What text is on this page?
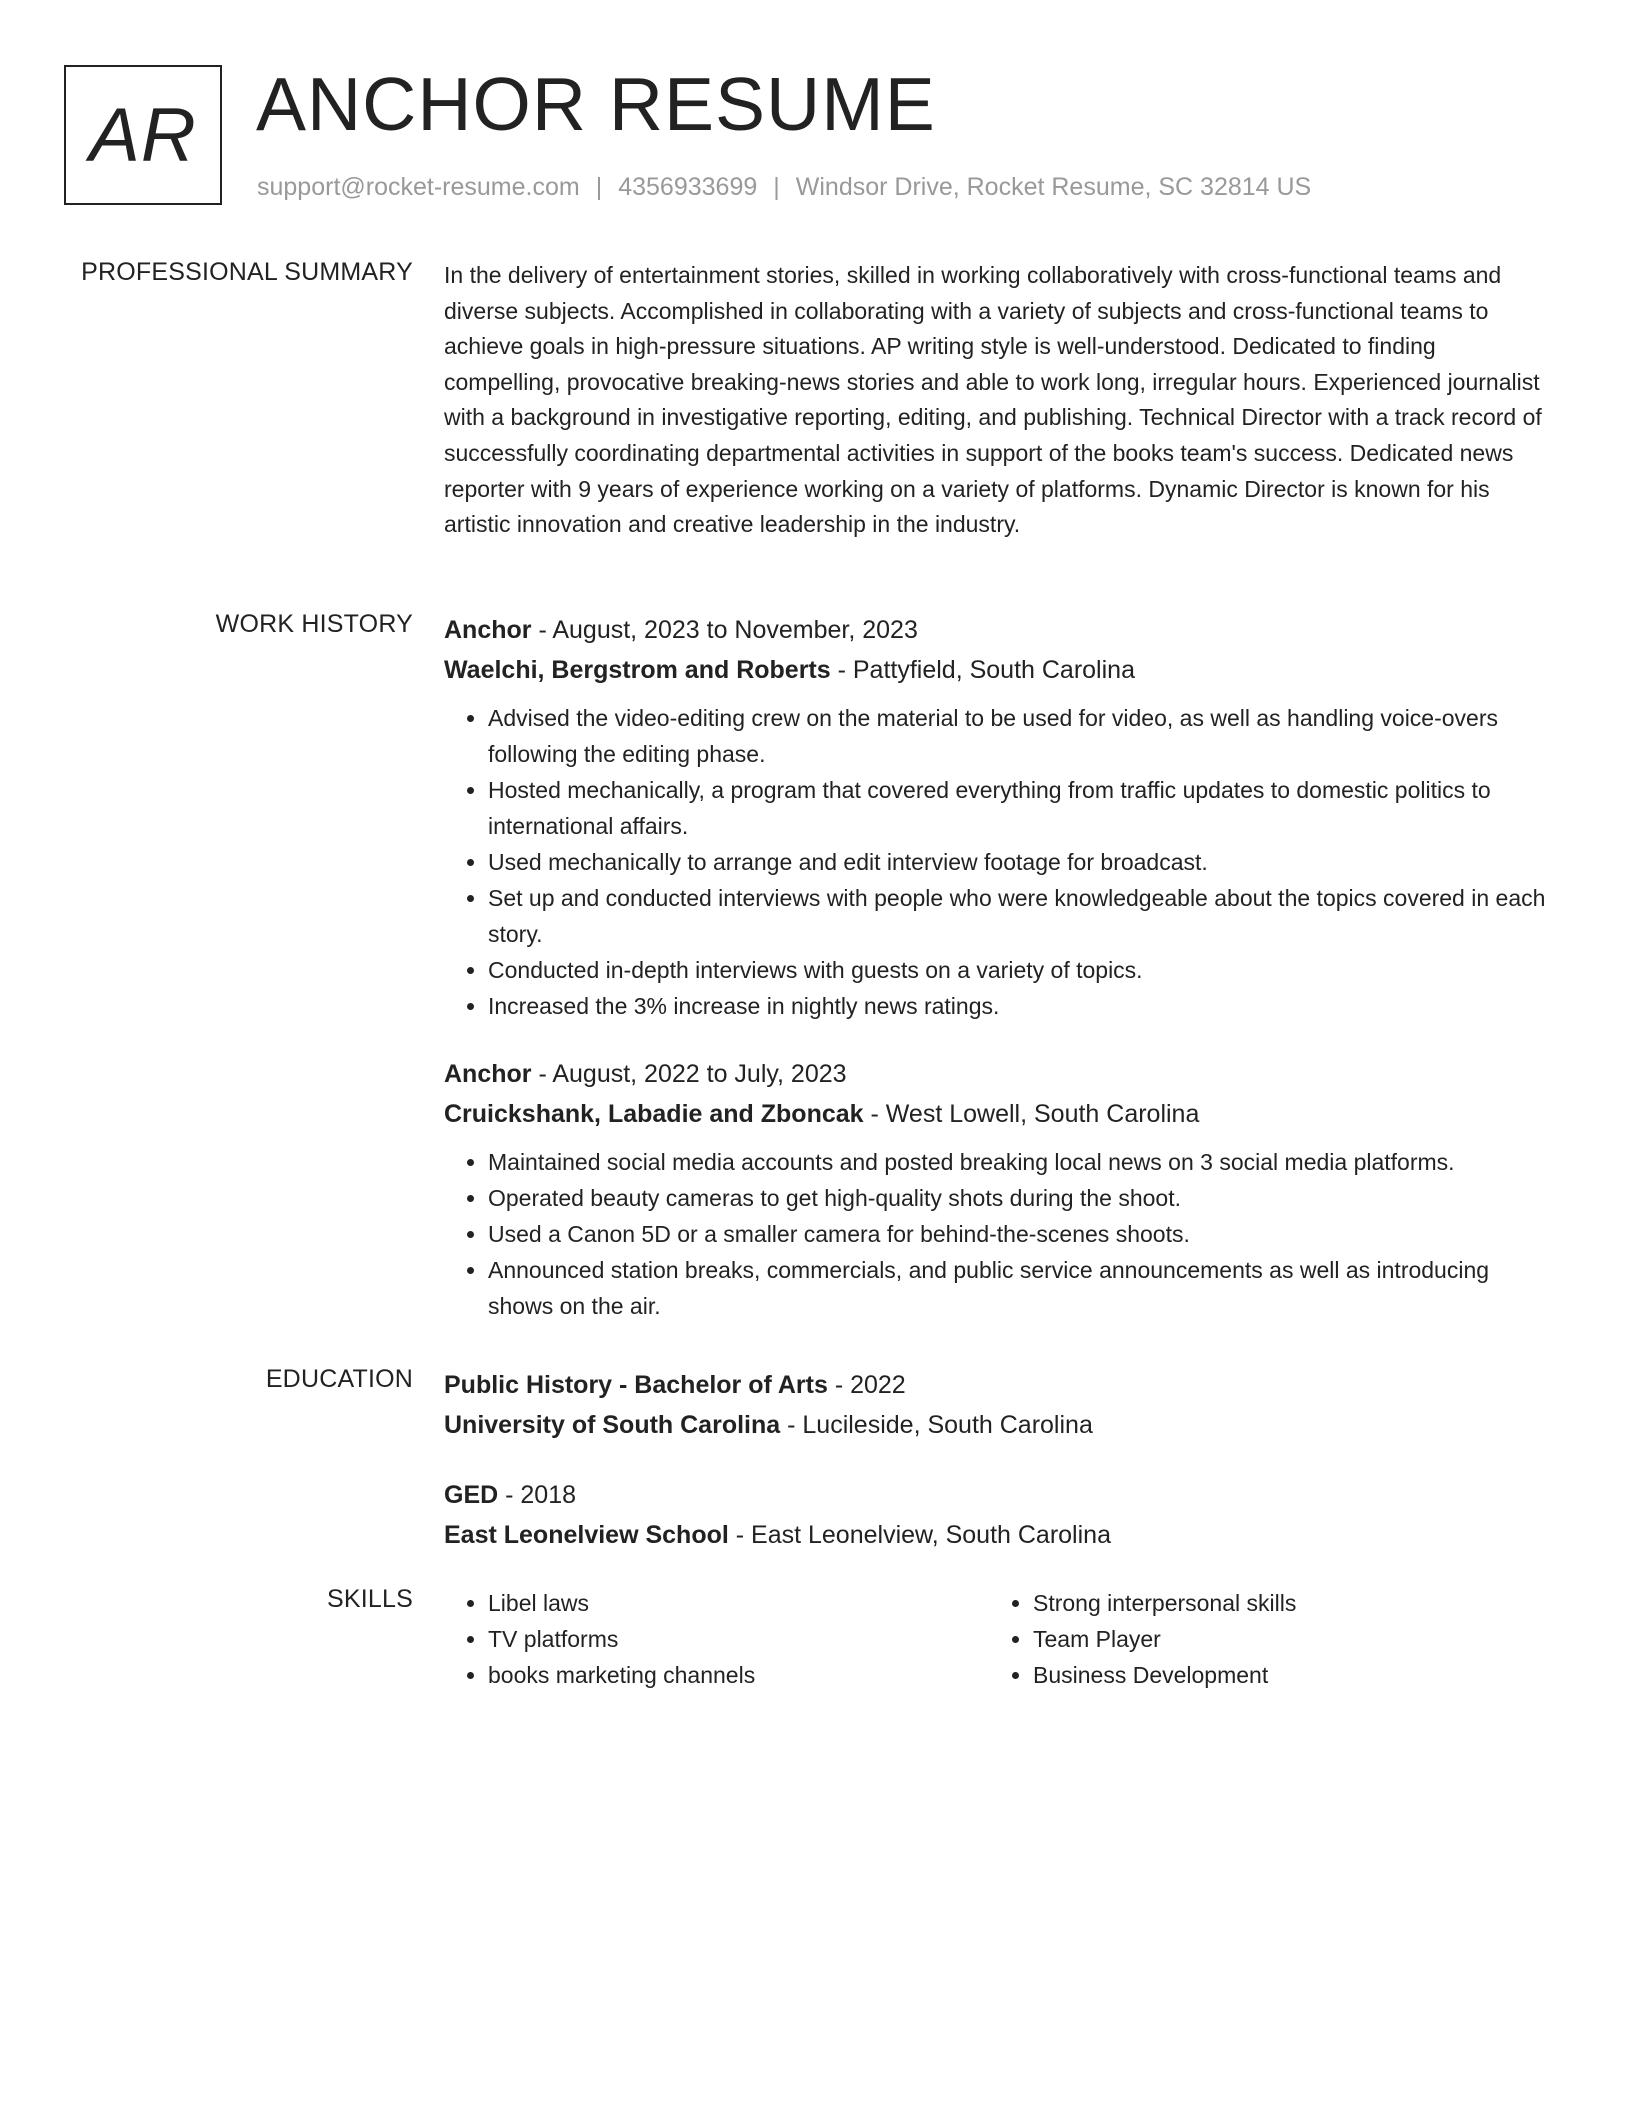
AR ANCHOR RESUME
support@rocket-resume.com | 4356933699 | Windsor Drive, Rocket Resume, SC 32814 US
PROFESSIONAL SUMMARY In the delivery of entertainment stories, skilled in working collaboratively with cross-functional teams and diverse subjects. Accomplished in collaborating with a variety of subjects and cross-functional teams to achieve goals in high-pressure situations. AP writing style is well-understood. Dedicated to finding compelling, provocative breaking-news stories and able to work long, irregular hours. Experienced journalist with a background in investigative reporting, editing, and publishing. Technical Director with a track record of successfully coordinating departmental activities in support of the books team's success. Dedicated news reporter with 9 years of experience working on a variety of platforms. Dynamic Director is known for his artistic innovation and creative leadership in the industry.

WORK HISTORY Anchor - August, 2023 to November, 2023
Waelchi, Bergstrom and Roberts - Pattyfield, South Carolina
• Advised the video-editing crew on the material to be used for video, as well as handling voice-overs following the editing phase.
• Hosted mechanically, a program that covered everything from traffic updates to domestic politics to international affairs.
• Used mechanically to arrange and edit interview footage for broadcast.
• Set up and conducted interviews with people who were knowledgeable about the topics covered in each story.
• Conducted in-depth interviews with guests on a variety of topics.
• Increased the 3% increase in nightly news ratings.
Anchor - August, 2022 to July, 2023
Cruickshank, Labadie and Zboncak - West Lowell, South Carolina
• Maintained social media accounts and posted breaking local news on 3 social media platforms.
• Operated beauty cameras to get high-quality shots during the shoot.
• Used a Canon 5D or a smaller camera for behind-the-scenes shoots.
• Announced station breaks, commercials, and public service announcements as well as introducing shows on the air.
EDUCATION Public History - Bachelor of Arts - 2022
University of South Carolina - Lucileside, South Carolina
GED - 2018
East Leonelview School - East Leonelview, South Carolina
SKILLS
•	Libel laws
• TV platforms
• books marketing channels
• Strong interpersonal skills
• Team Player
• Business Development
